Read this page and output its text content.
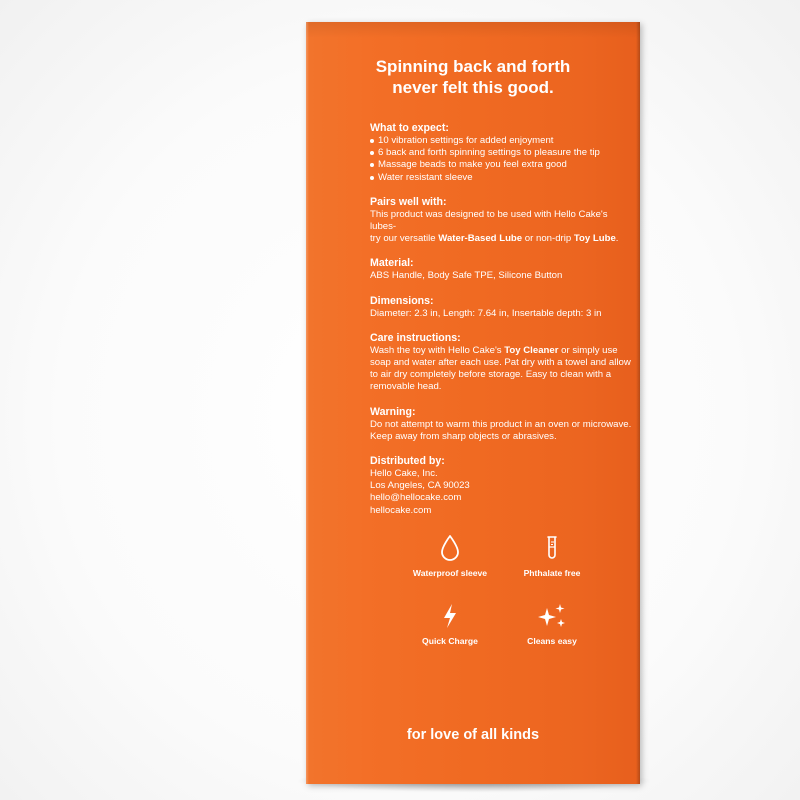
Spinning back and forth
never felt this good.
What to expect:
10 vibration settings for added enjoyment
6 back and forth spinning settings to pleasure the tip
Massage beads to make you feel extra good
Water resistant sleeve
Pairs well with:

This product was designed to be used with Hello Cake's lubes-
try our versatile Water-Based Lube or non-drip Toy Lube.

Material:

ABS Handle, Body Safe TPE, Silicone Button

Dimensions:

Diameter: 2.3 in, Length: 7.64 in, Insertable depth: 3 in

Care instructions:

Wash the toy with Hello Cake's Toy Cleaner or simply use soap and water after each use. Pat dry with a towel and allow to air dry completely before storage. Easy to clean with a removable head.

Warning:

Do not attempt to warm this product in an oven or microwave.
Keep away from sharp objects or abrasives.

Distributed by:

Hello Cake, Inc.

Los Angeles, CA 90023

hello@hellocake.com

hellocake.com

Waterproof sleeve	Phthalate free
Quick Charge	Cleans easy
for love of all kinds
